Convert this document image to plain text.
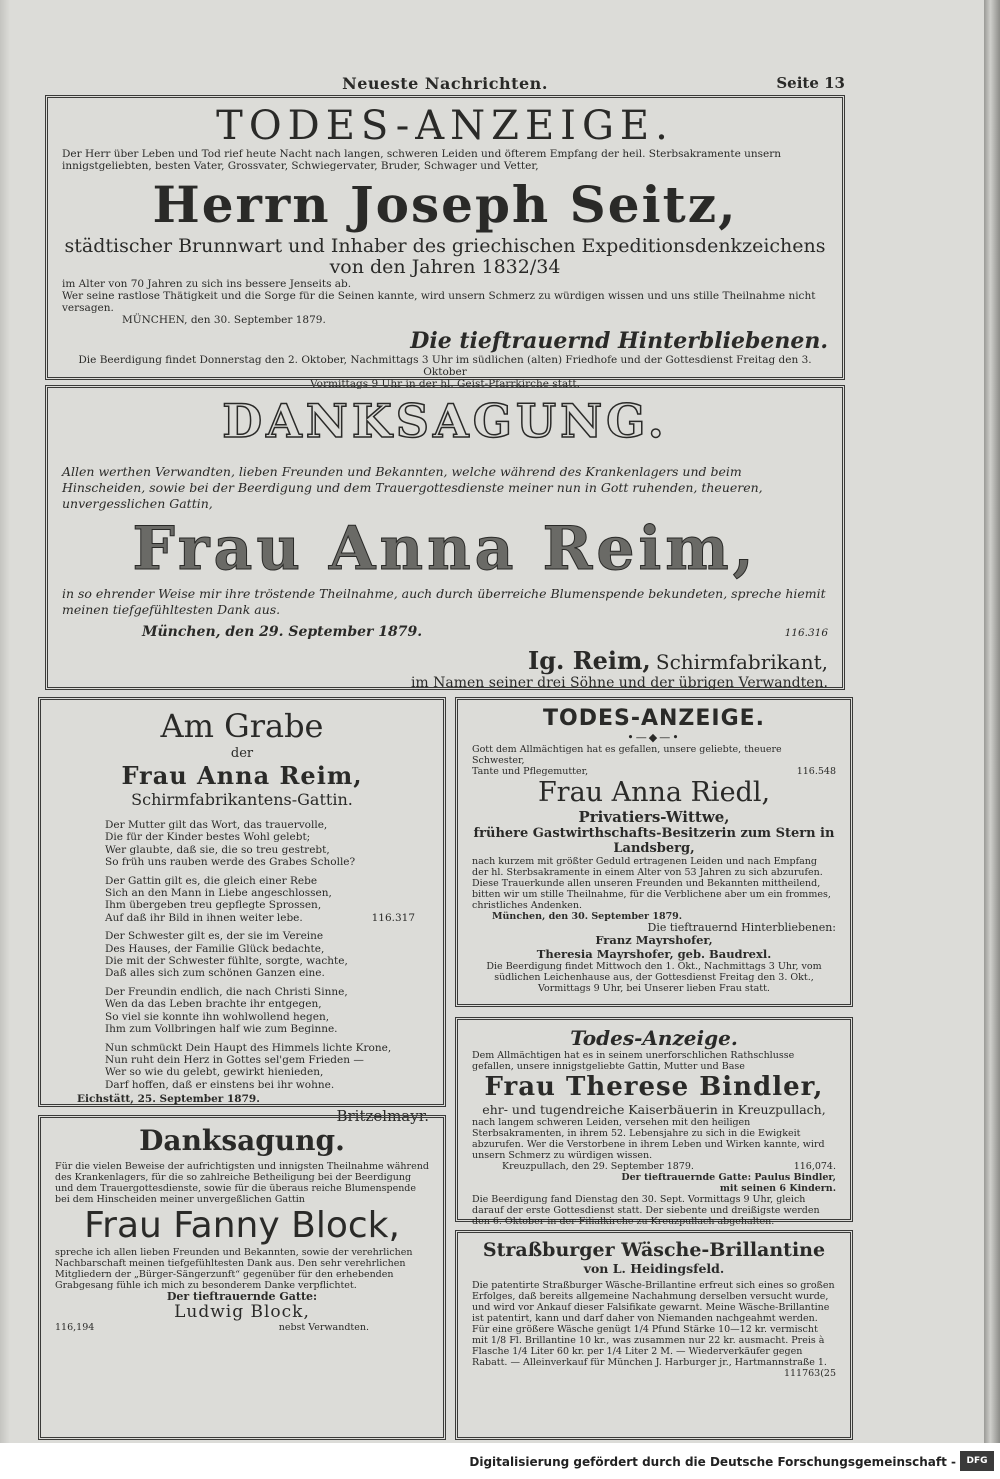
Neueste Nachrichten.	Seite 13
TODES-ANZEIGE.

Der Herr über Leben und Tod rief heute Nacht nach langen, schweren Leiden und öfterem Empfang der heil. Sterbsakramente unsern innigstgeliebten, besten Vater, Grossvater, Schwiegervater, Bruder, Schwager und Vetter,

Herrn Joseph Seitz,
städtischer Brunnwart und Inhaber des griechischen Expeditionsdenkzeichens
von den Jahren 1832/34

im Alter von 70 Jahren zu sich ins bessere Jenseits ab.

Wer seine rastlose Thätigkeit und die Sorge für die Seinen kannte, wird unsern Schmerz zu würdigen wissen und uns stille Theilnahme nicht versagen.

MÜNCHEN, den 30. September 1879.

Die tieftrauernd Hinterbliebenen.

Die Beerdigung findet Donnerstag den 2. Oktober, Nachmittags 3 Uhr im südlichen (alten) Friedhofe und der Gottesdienst Freitag den 3. Oktober

Vormittags 9 Uhr in der hl. Geist-Pfarrkirche statt.

DANKSAGUNG.

Allen werthen Verwandten, lieben Freunden und Bekannten, welche während des Krankenlagers und beim Hinscheiden, sowie bei der Beerdigung und dem Trauergottesdienste meiner nun in Gott ruhenden, theueren, unvergesslichen Gattin,

Frau Anna Reim,

in so ehrender Weise mir ihre tröstende Theilnahme, auch durch überreiche Blumenspende bekundeten, spreche hiemit meinen tiefgefühltesten Dank aus.

München, den 29. September 1879.	116.316
Ig. Reim, Schirmfabrikant,
im Namen seiner drei Söhne und der übrigen Verwandten.
Am Grabe
der
Frau Anna Reim,
Schirmfabrikantens-Gattin.

Der Mutter gilt das Wort, das trauervolle,
Die für der Kinder bestes Wohl gelebt;
Wer glaubte, daß sie, die so treu gestrebt,
So früh uns rauben werde des Grabes Scholle?

Der Gattin gilt es, die gleich einer Rebe
Sich an den Mann in Liebe angeschlossen,
Ihm übergeben treu gepflegte Sprossen,
Auf daß ihr Bild in ihnen weiter lebe.	116.317

Der Schwester gilt es, der sie im Vereine
Des Hauses, der Familie Glück bedachte,
Die mit der Schwester fühlte, sorgte, wachte,
Daß alles sich zum schönen Ganzen eine.

Der Freundin endlich, die nach Christi Sinne,
Wen da das Leben brachte ihr entgegen,
So viel sie konnte ihn wohlwollend hegen,
Ihm zum Vollbringen half wie zum Beginne.

Nun schmückt Dein Haupt des Himmels lichte Krone,
Nun ruht dein Herz in Gottes sel'gem Frieden —
Wer so wie du gelebt, gewirkt hienieden,
Darf hoffen, daß er einstens bei ihr wohne.

Eichstätt, 25. September 1879.

Britzelmayr.
TODES-ANZEIGE.
•—◆—•

Gott dem Allmächtigen hat es gefallen, unsere geliebte, theuere Schwester,

Tante und Pflegemutter,	116.548
Frau Anna Riedl,
Privatiers-Wittwe,
frühere Gastwirthschafts-Besitzerin zum Stern in Landsberg,

nach kurzem mit größter Geduld ertragenen Leiden und nach Empfang der hl. Sterbsakramente in einem Alter von 53 Jahren zu sich abzurufen. Diese Trauerkunde allen unseren Freunden und Bekannten mittheilend, bitten wir um stille Theilnahme, für die Verblichene aber um ein frommes, christliches Andenken.

München, den 30. September 1879.

Die tieftrauernd Hinterbliebenen:
Franz Mayrshofer,
Theresia Mayrshofer, geb. Baudrexl.

Die Beerdigung findet Mittwoch den 1. Okt., Nachmittags 3 Uhr, vom südlichen Leichenhause aus, der Gottesdienst Freitag den 3. Okt., Vormittags 9 Uhr, bei Unserer lieben Frau statt.

Todes-Anzeige.

Dem Allmächtigen hat es in seinem unerforschlichen Rathschlusse gefallen, unsere innigstgeliebte Gattin, Mutter und Base

Frau Therese Bindler,
ehr- und tugendreiche Kaiserbäuerin in Kreuzpullach,

nach langem schweren Leiden, versehen mit den heiligen Sterbsakramenten, in ihrem 52. Lebensjahre zu sich in die Ewigkeit abzurufen. Wer die Verstorbene in ihrem Leben und Wirken kannte, wird unsern Schmerz zu würdigen wissen.

Kreuzpullach, den 29. September 1879.	116,074.
Der tieftrauernde Gatte: Paulus Bindler,
mit seinen 6 Kindern.

Die Beerdigung fand Dienstag den 30. Sept. Vormittags 9 Uhr, gleich darauf der erste Gottesdienst statt. Der siebente und dreißigste werden den 6. Oktober in der Filialkirche zu Kreuzpullach abgehalten.

Danksagung.

Für die vielen Beweise der aufrichtigsten und innigsten Theilnahme während des Krankenlagers, für die so zahlreiche Betheiligung bei der Beerdigung und dem Trauergottesdienste, sowie für die überaus reiche Blumenspende bei dem Hinscheiden meiner unvergeßlichen Gattin

Frau Fanny Block,

spreche ich allen lieben Freunden und Bekannten, sowie der verehrlichen Nachbarschaft meinen tiefgefühltesten Dank aus. Den sehr verehrlichen Mitgliedern der „Bürger-Sängerzunft“ gegenüber für den erhebenden Grabgesang fühle ich mich zu besonderem Danke verpflichtet.

Der tieftrauernde Gatte:
Ludwig Block,
116,194	nebst Verwandten.
Straßburger Wäsche-Brillantine
von L. Heidingsfeld.

Die patentirte Straßburger Wäsche-Brillantine erfreut sich eines so großen Erfolges, daß bereits allgemeine Nachahmung derselben versucht wurde, und wird vor Ankauf dieser Falsifikate gewarnt. Meine Wäsche-Brillantine ist patentirt, kann und darf daher von Niemanden nachgeahmt werden. Für eine größere Wäsche genügt 1/4 Pfund Stärke 10—12 kr. vermischt mit 1/8 Fl. Brillantine 10 kr., was zusammen nur 22 kr. ausmacht. Preis à Flasche 1/4 Liter 60 kr. per 1/4 Liter 2 M. — Wiederverkäufer gegen Rabatt. — Alleinverkauf für München J. Harburger jr., Hartmannstraße 1.

111763(25
Digitalisierung gefördert durch die Deutsche Forschungsgemeinschaft -	DFG
